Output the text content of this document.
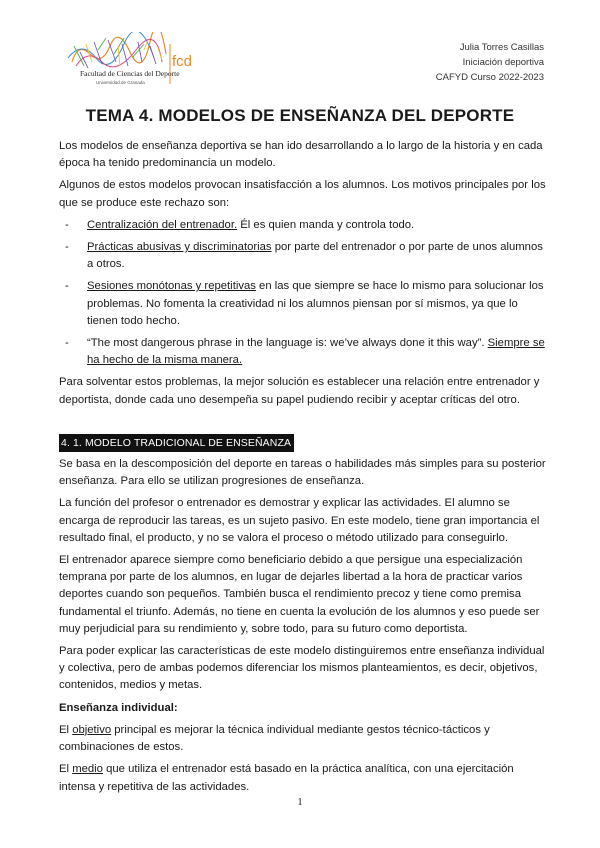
Facultad de Ciencias del Deporte
Universidad de Granada
fcd
Julia Torres Casillas
Iniciación deportiva
CAFYD Curso 2022-2023
TEMA 4. MODELOS DE ENSEÑANZA DEL DEPORTE

Los modelos de enseñanza deportiva se han ido desarrollando a lo largo de la historia y en cada época ha tenido predominancia un modelo.

Algunos de estos modelos provocan insatisfacción a los alumnos. Los motivos principales por los que se produce este rechazo son:

- Centralización del entrenador. Él es quien manda y controla todo.
- Prácticas abusivas y discriminatorias por parte del entrenador o por parte de unos alumnos a otros.
- Sesiones monótonas y repetitivas en las que siempre se hace lo mismo para solucionar los problemas. No fomenta la creatividad ni los alumnos piensan por sí mismos, ya que lo tienen todo hecho.
- “The most dangerous phrase in the language is: we’ve always done it this way”. Siempre se ha hecho de la misma manera.

Para solventar estos problemas, la mejor solución es establecer una relación entre entrenador y deportista, donde cada uno desempeña su papel pudiendo recibir y aceptar críticas del otro.

4. 1. MODELO TRADICIONAL DE ENSEÑANZA

Se basa en la descomposición del deporte en tareas o habilidades más simples para su posterior enseñanza. Para ello se utilizan progresiones de enseñanza.

La función del profesor o entrenador es demostrar y explicar las actividades. El alumno se encarga de reproducir las tareas, es un sujeto pasivo. En este modelo, tiene gran importancia el resultado final, el producto, y no se valora el proceso o método utilizado para conseguirlo.

El entrenador aparece siempre como beneficiario debido a que persigue una especialización temprana por parte de los alumnos, en lugar de dejarles libertad a la hora de practicar varios deportes cuando son pequeños. También busca el rendimiento precoz y tiene como premisa fundamental el triunfo. Además, no tiene en cuenta la evolución de los alumnos y eso puede ser muy perjudicial para su rendimiento y, sobre todo, para su futuro como deportista.

Para poder explicar las características de este modelo distinguiremos entre enseñanza individual y colectiva, pero de ambas podemos diferenciar los mismos planteamientos, es decir, objetivos, contenidos, medios y metas.

Enseñanza individual:

El objetivo principal es mejorar la técnica individual mediante gestos técnico-tácticos y combinaciones de estos.

El medio que utiliza el entrenador está basado en la práctica analítica, con una ejercitación intensa y repetitiva de las actividades.

1
